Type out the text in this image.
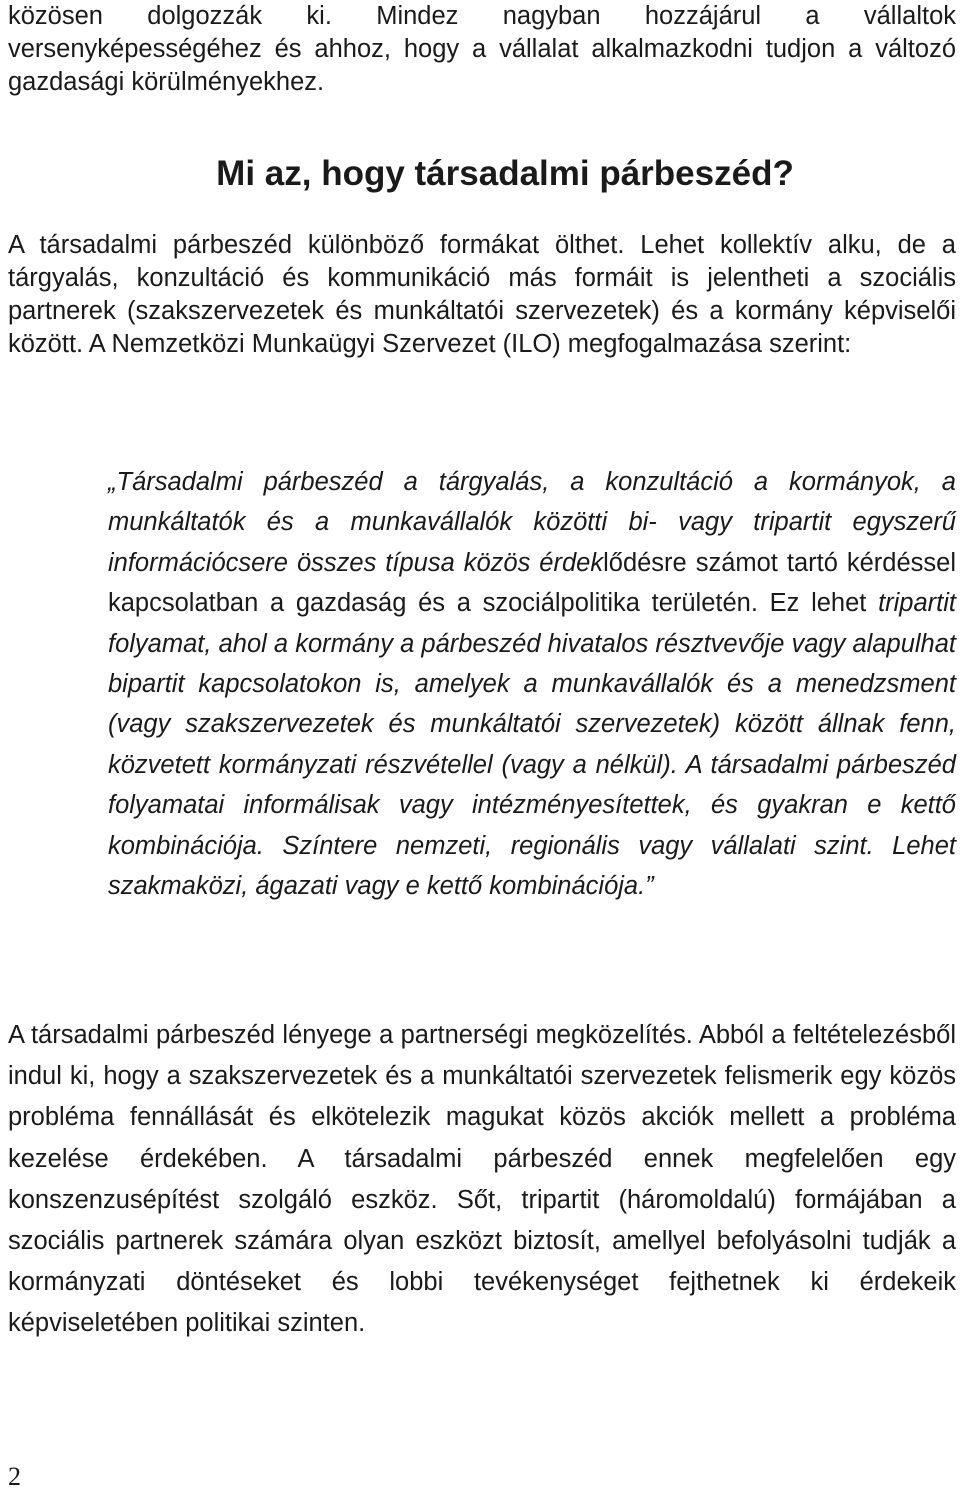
közösen dolgozzák ki. Mindez nagyban hozzájárul a vállaltok versenyképességéhez és ahhoz, hogy a vállalat alkalmazkodni tudjon a változó gazdasági körülményekhez.

Mi az, hogy társadalmi párbeszéd?

A társadalmi párbeszéd különböző formákat ölthet. Lehet kollektív alku, de a tárgyalás, konzultáció és kommunikáció más formáit is jelentheti a szociális partnerek (szakszervezetek és munkáltatói szervezetek) és a kormány képviselői között. A Nemzetközi Munkaügyi Szervezet (ILO) megfogalmazása szerint:

„Társadalmi párbeszéd a tárgyalás, a konzultáció a kormányok, a munkáltatók és a munkavállalók közötti bi- vagy tripartit egyszerű információcsere összes típusa közös érdeklődésre számot tartó kérdéssel kapcsolatban a gazdaság és a szociálpolitika területén. Ez lehet tripartit folyamat, ahol a kormány a párbeszéd hivatalos résztvevője vagy alapulhat bipartit kapcsolatokon is, amelyek a munkavállalók és a menedzsment (vagy szakszervezetek és munkáltatói szervezetek) között állnak fenn, közvetett kormányzati részvétellel (vagy a nélkül). A társadalmi párbeszéd folyamatai informálisak vagy intézményesítettek, és gyakran e kettő kombinációja. Színtere nemzeti, regionális vagy vállalati szint. Lehet szakmaközi, ágazati vagy e kettő kombinációja.”

A társadalmi párbeszéd lényege a partnerségi megközelítés. Abból a feltételezésből indul ki, hogy a szakszervezetek és a munkáltatói szervezetek felismerik egy közös probléma fennállását és elkötelezik magukat közös akciók mellett a probléma kezelése érdekében. A társadalmi párbeszéd ennek megfelelően egy konszenzusépítést szolgáló eszköz. Sőt, tripartit (háromoldalú) formájában a szociális partnerek számára olyan eszközt biztosít, amellyel befolyásolni tudják a kormányzati döntéseket és lobbi tevékenységet fejthetnek ki érdekeik képviseletében politikai szinten.

2
